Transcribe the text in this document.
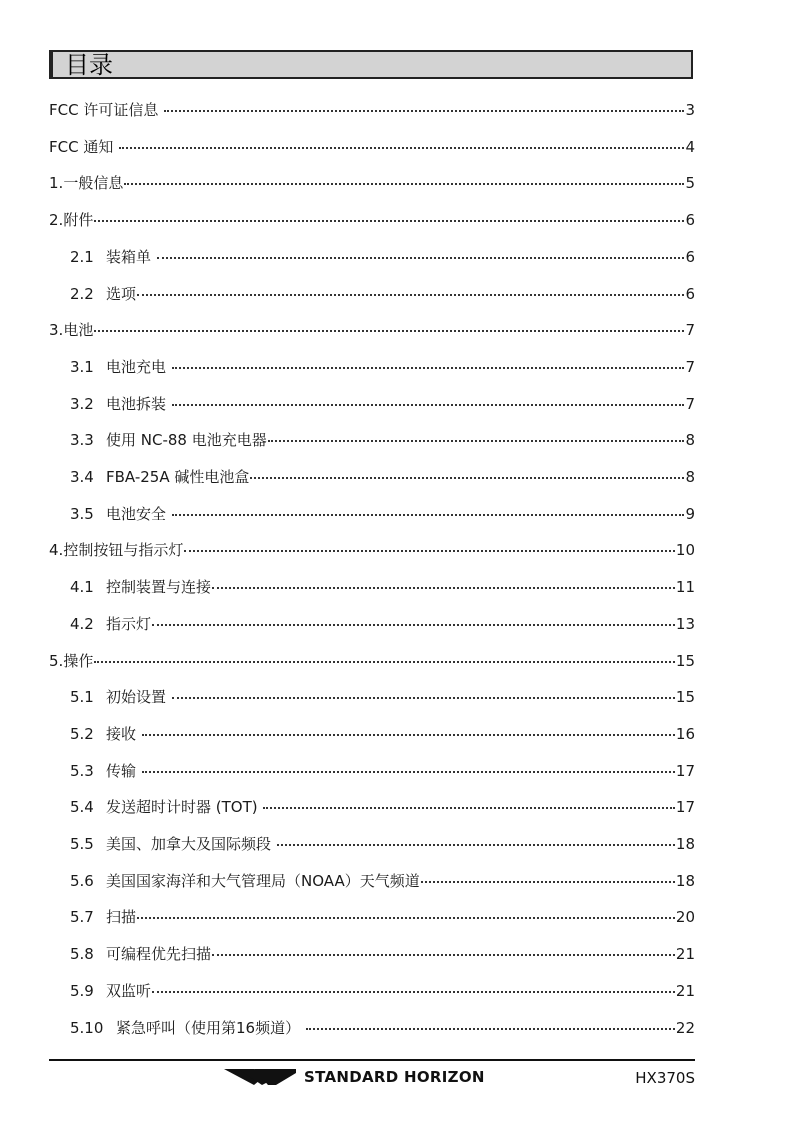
目录
FCC 许可证信息	3
FCC 通知	4
1. 一般信息	5
2. 附件	6
2.1 装箱单	6
2.2 选项	6
3. 电池	7
3.1 电池充电	7
3.2 电池拆装	7
3.3 使用 NC-88 电池充电器	8
3.4 FBA-25A 碱性电池盒	8
3.5 电池安全	9
4. 控制按钮与指示灯	10
4.1 控制装置与连接	11
4.2 指示灯	13
5. 操作	15
5.1 初始设置	15
5.2 接收	16
5.3 传输	17
5.4 发送超时计时器 (TOT)	17
5.5 美国、加拿大及国际频段	18
5.6 美国国家海洋和大气管理局（NOAA）天气频道	18
5.7 扫描	20
5.8 可编程优先扫描	21
5.9 双监听	21
5.10 紧急呼叫（使用第16频道）	22
STANDARD HORIZON	HX370S
